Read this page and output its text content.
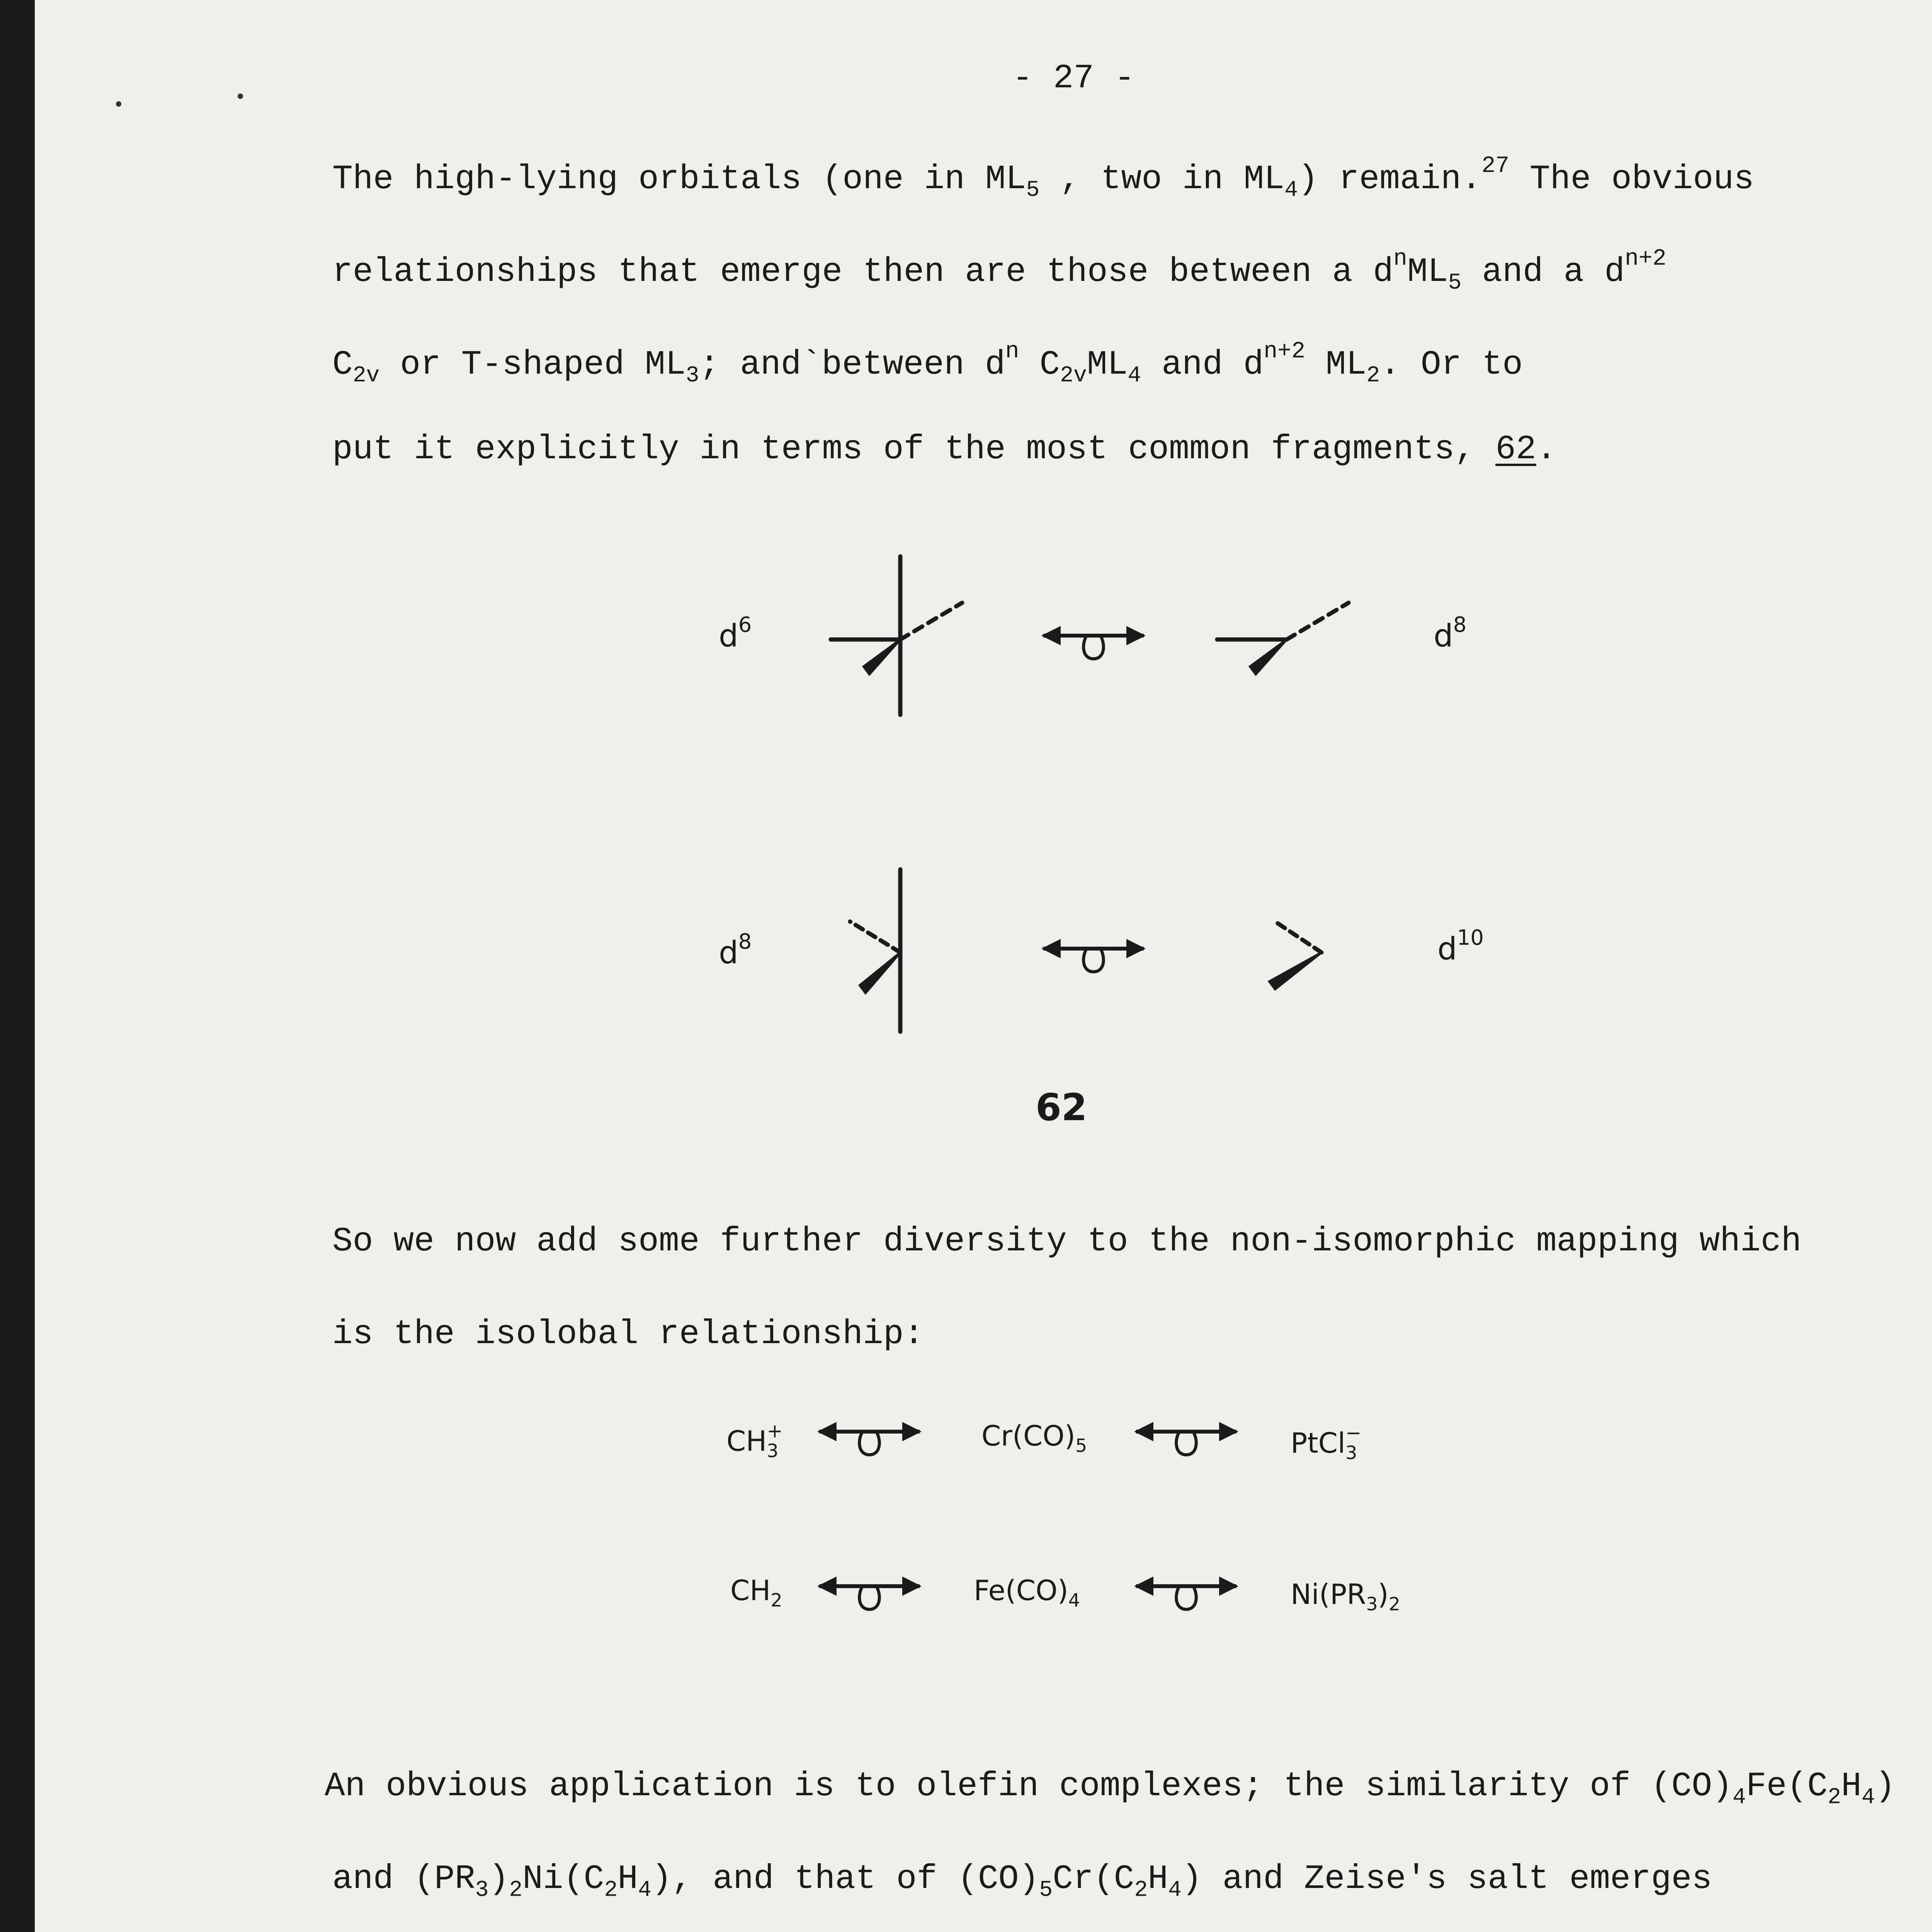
- 27 -
The high-lying orbitals (one in $ML_5$ , two in $ML_4$) remain.$^{27}$ The obvious
relationships that emerge then are those between a $d^nML_5$ and a $d^{n+2}$
$C_{2v}$ or T-shaped $ML_3$; and`between $d^n$ $C_{2v}ML_4$ and $d^{n+2}$ $ML_2$. Or to
put it explicitly in terms of the most common fragments, 62.
$d^6$	$d^8$
$d^8$	$d^{10}$
62
So we now add some further diversity to the non-isomorphic mapping which
is the isolobal relationship:
$CH_3^+$	$Cr(CO)_5$	PtCl$_3$−
$CH_2$	$Fe(CO)_4$	$Ni(PR_3)_2$
An obvious application is to olefin complexes; the similarity of $(CO)_4Fe(C_2H_4)$
and $(PR_3)_2Ni(C_2H_4)$, and that of $(CO)_5Cr(C_2H_4)$ and Zeise's salt emerges
